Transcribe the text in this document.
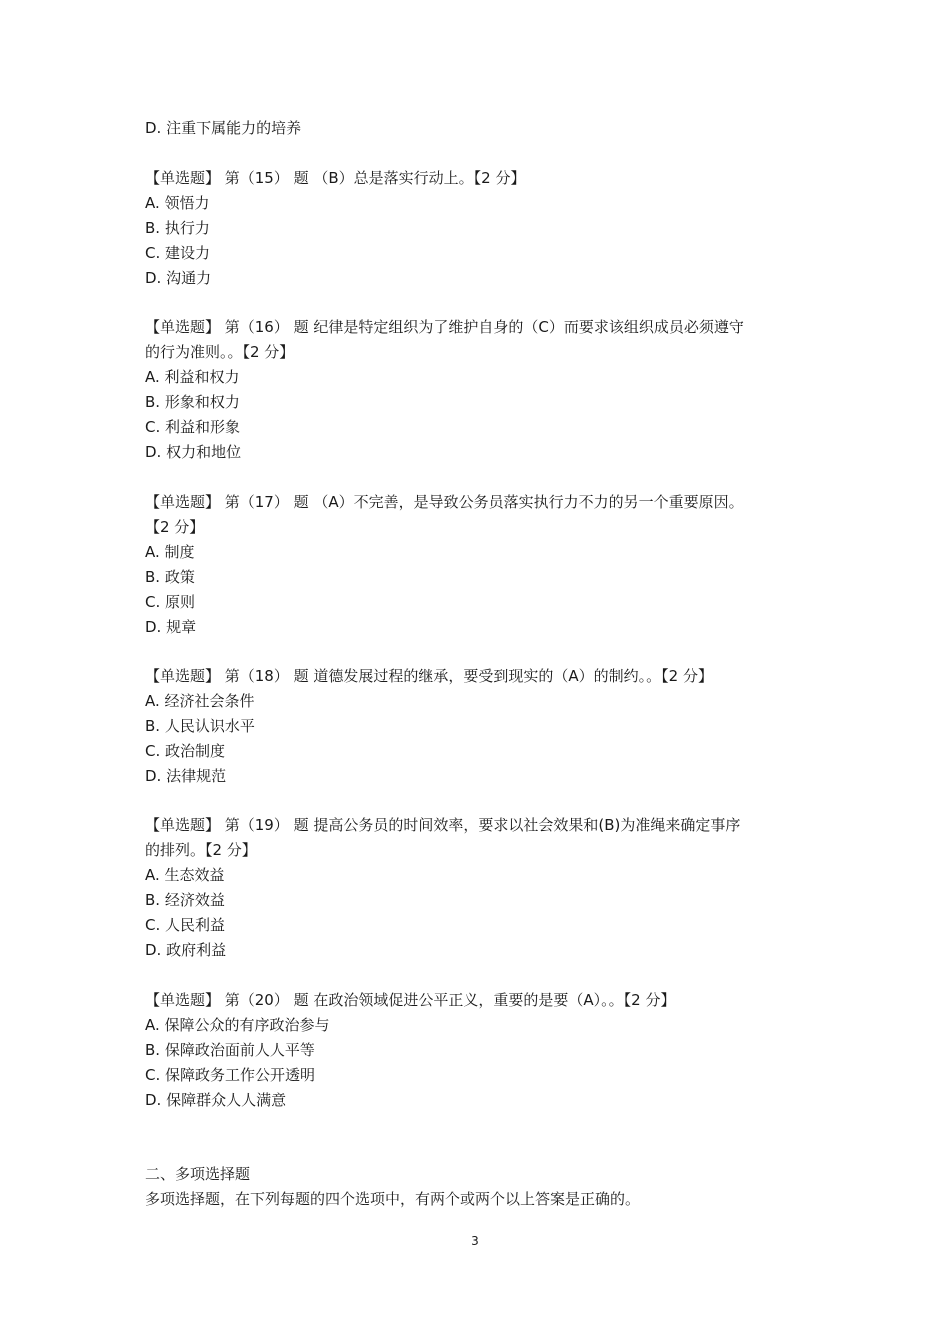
D. 注重下属能力的培养
【单选题】 第（15） 题 （B）总是落实行动上。【2 分】
A. 领悟力
B. 执行力
C. 建设力
D. 沟通力
【单选题】 第（16） 题 纪律是特定组织为了维护自身的（C）而要求该组织成员必须遵守
的行为准则。。【2 分】
A. 利益和权力
B. 形象和权力
C. 利益和形象
D. 权力和地位
【单选题】 第（17） 题 （A）不完善，是导致公务员落实执行力不力的另一个重要原因。
【2 分】
A. 制度
B. 政策
C. 原则
D. 规章
【单选题】 第（18） 题 道德发展过程的继承，要受到现实的（A）的制约。。【2 分】
A. 经济社会条件
B. 人民认识水平
C. 政治制度
D. 法律规范
【单选题】 第（19） 题 提高公务员的时间效率，要求以社会效果和(B)为准绳来确定事序
的排列。【2 分】
A. 生态效益
B. 经济效益
C. 人民利益
D. 政府利益
【单选题】 第（20） 题 在政治领域促进公平正义，重要的是要（A）。。【2 分】
A. 保障公众的有序政治参与
B. 保障政治面前人人平等
C. 保障政务工作公开透明
D. 保障群众人人满意
二、多项选择题
多项选择题，在下列每题的四个选项中，有两个或两个以上答案是正确的。
3
